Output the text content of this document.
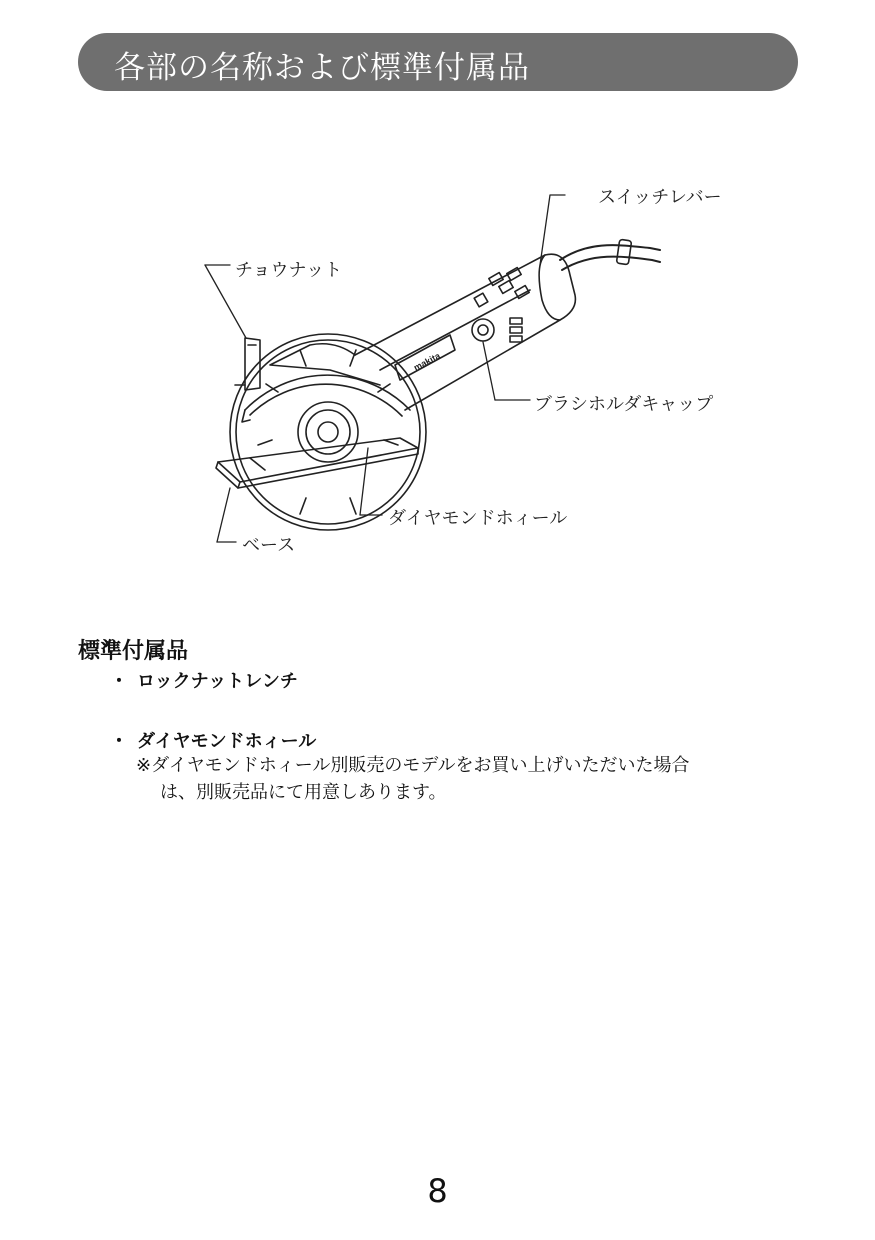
各部の名称および標準付属品
makita
スイッチレバー
チョウナット
ブラシホルダキャップ
ダイヤモンドホィール
ベース
標準付属品
・ ロックナットレンチ
・ ダイヤモンドホィール
※ダイヤモンドホィール別販売のモデルをお買い上げいただいた場合
は、別販売品にて用意しあります。
8
